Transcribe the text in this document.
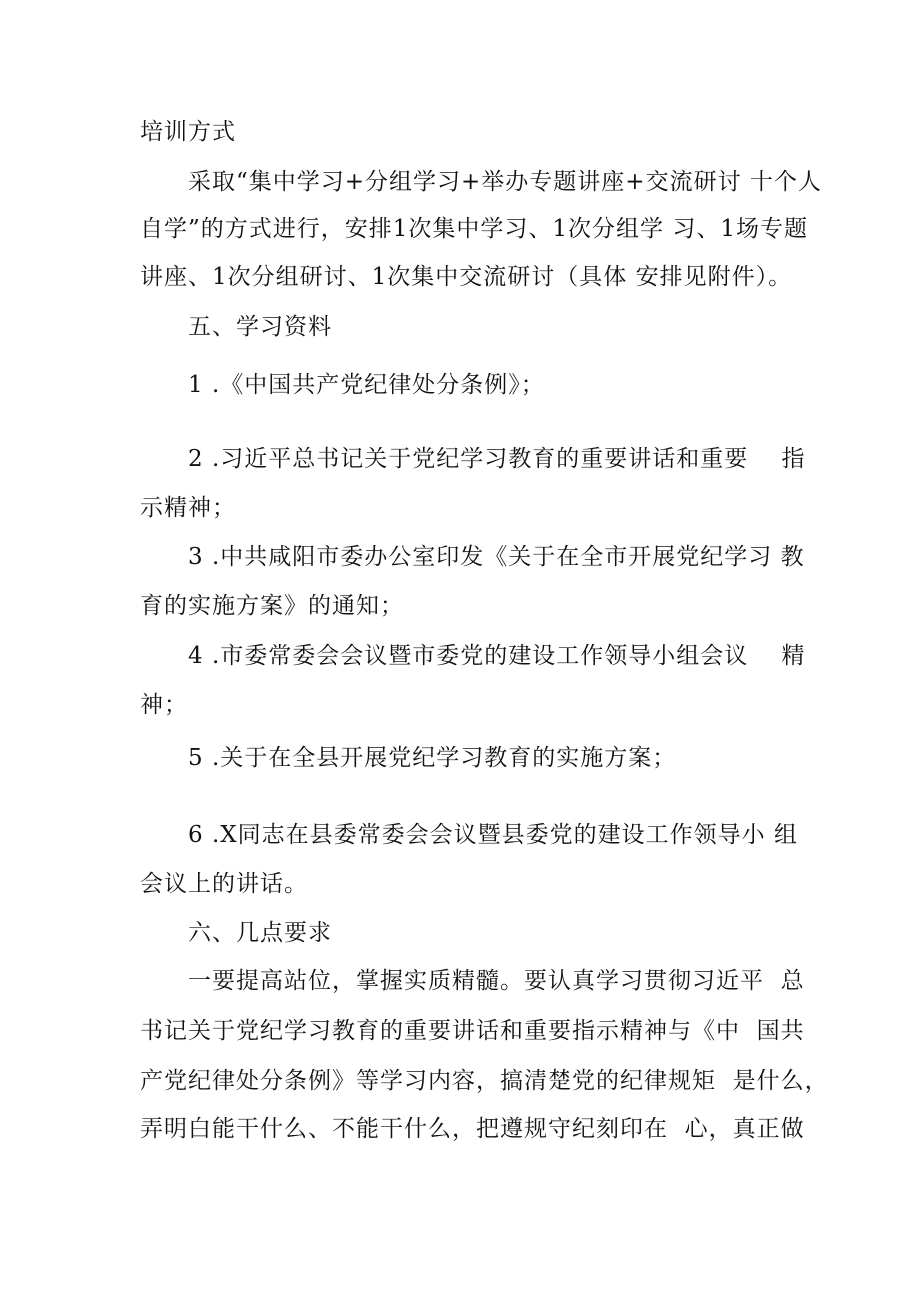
培训方式
采取“集中学习+分组学习+举办专题讲座+交流研讨 十个人
自学”的方式进行，安排1次集中学习、1次分组学 习、1场专题
讲座、1次分组研讨、1次集中交流研讨（具体 安排见附件）。
五、学习资料
1 .《中国共产党纪律处分条例》；
2 .习近平总书记关于党纪学习教育的重要讲话和重要    指
示精神；
3 .中共咸阳市委办公室印发《关于在全市开展党纪学习 教
育的实施方案》的通知；
4 .市委常委会会议暨市委党的建设工作领导小组会议    精
神；
5 .关于在全县开展党纪学习教育的实施方案；
6 .X同志在县委常委会会议暨县委党的建设工作领导小 组
会议上的讲话。
六、几点要求
一要提高站位，掌握实质精髓。要认真学习贯彻习近平  总
书记关于党纪学习教育的重要讲话和重要指示精神与《中  国共
产党纪律处分条例》等学习内容，搞清楚党的纪律规矩  是什么，
弄明白能干什么、不能干什么，把遵规守纪刻印在  心，真正做
